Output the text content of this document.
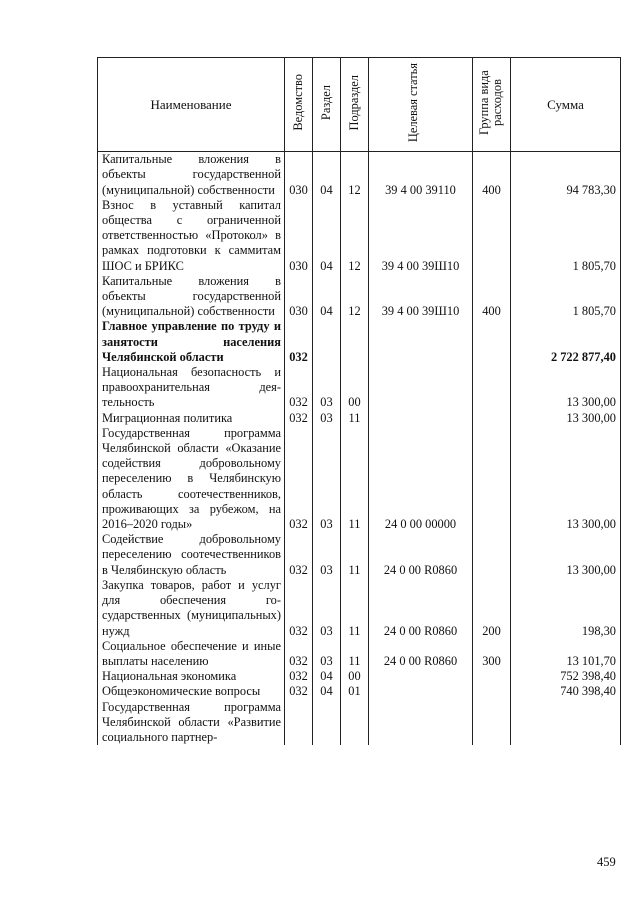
Наименование	Ведомство	Раздел	Подраздел	Целевая статья	Группа вида расходов	Сумма
Капитальные вложения в объекты государственной (муниципальной) собственности	030	04	12	39 4 00 39110	400	94 783,30
Взнос в уставный капитал общества с ограниченной ответственностью «Протокол» в рамках подготовки к саммитам ШОС и БРИКС	030	04	12	39 4 00 39Ш10		1 805,70
Капитальные вложения в объекты государственной (муниципальной) собственности	030	04	12	39 4 00 39Ш10	400	1 805,70
Главное управление по труду и занятости населения Челябинской области	032					2 722 877,40
Национальная безопасность и правоохранительная деятельность	032	03	00			13 300,00
Миграционная политика	032	03	11			13 300,00
Государственная программа Челябинской области «Оказание содействия добровольному переселению в Челябинскую область соотечественников, проживающих за рубежом, на 2016–2020 годы»	032	03	11	24 0 00 00000		13 300,00
Содействие добровольному переселению соотечественников в Челябинскую область	032	03	11	24 0 00 R0860		13 300,00
Закупка товаров, работ и услуг для обеспечения государственных (муниципальных) нужд	032	03	11	24 0 00 R0860	200	198,30
Социальное обеспечение и иные выплаты населению	032	03	11	24 0 00 R0860	300	13 101,70
Национальная экономика	032	04	00			752 398,40
Общеэкономические вопросы	032	04	01			740 398,40
Государственная программа Челябинской области «Развитие социального партнер-						
459
